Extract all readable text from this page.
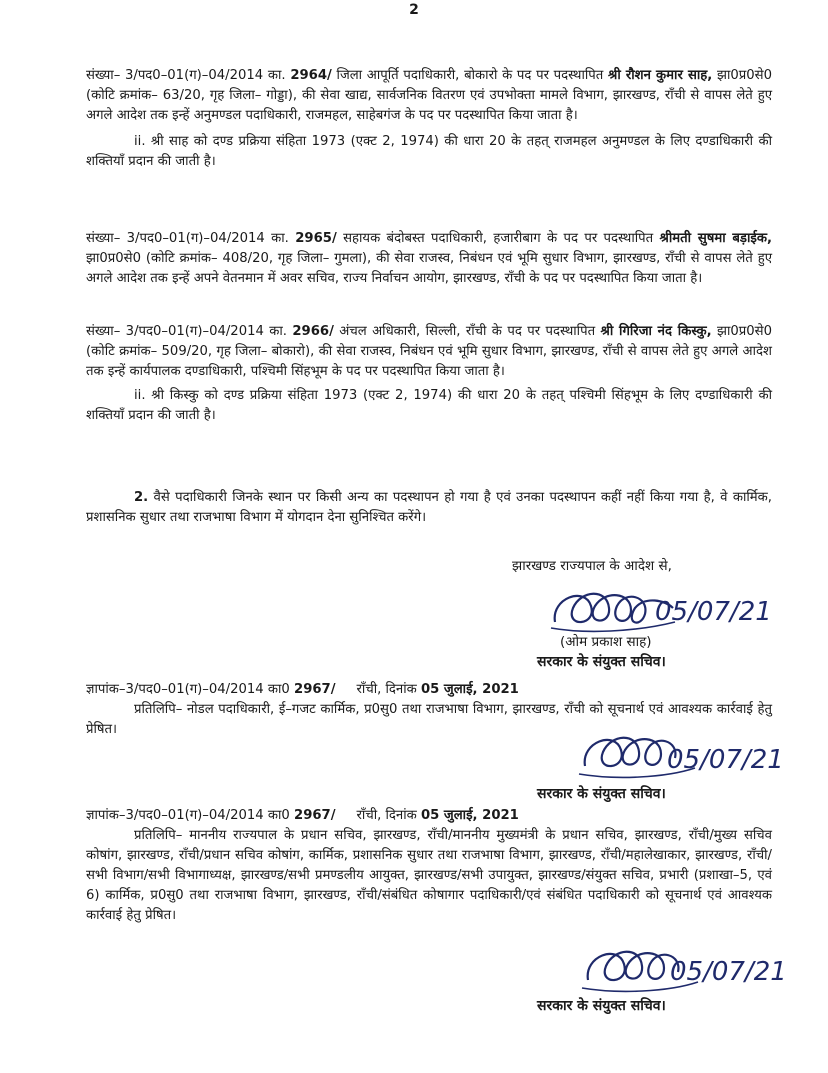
2

संख्या– 3/पद0–01(ग)–04/2014 का. 2964/ जिला आपूर्ति पदाधिकारी, बोकारो के पद पर पदस्थापित श्री रौशन कुमार साह, झा0प्र0से0 (कोटि क्रमांक– 63/20, गृह जिला– गोड्डा), की सेवा खाद्य, सार्वजनिक वितरण एवं उपभोक्ता मामले विभाग, झारखण्ड, राँची से वापस लेते हुए अगले आदेश तक इन्हें अनुमण्डल पदाधिकारी, राजमहल, साहेबगंज के पद पर पदस्थापित किया जाता है।

ii. श्री साह को दण्ड प्रक्रिया संहिता 1973 (एक्ट 2, 1974) की धारा 20 के तहत् राजमहल अनुमण्डल के लिए दण्डाधिकारी की शक्तियाँ प्रदान की जाती है।

संख्या– 3/पद0–01(ग)–04/2014 का. 2965/ सहायक बंदोबस्त पदाधिकारी, हजारीबाग के पद पर पदस्थापित श्रीमती सुषमा बड़ाईक, झा0प्र0से0 (कोटि क्रमांक– 408/20, गृह जिला– गुमला), की सेवा राजस्व, निबंधन एवं भूमि सुधार विभाग, झारखण्ड, राँची से वापस लेते हुए अगले आदेश तक इन्हें अपने वेतनमान में अवर सचिव, राज्य निर्वाचन आयोग, झारखण्ड, राँची के पद पर पदस्थापित किया जाता है।

संख्या– 3/पद0–01(ग)–04/2014 का. 2966/ अंचल अधिकारी, सिल्ली, राँची के पद पर पदस्थापित श्री गिरिजा नंद किस्कु, झा0प्र0से0 (कोटि क्रमांक– 509/20, गृह जिला– बोकारो), की सेवा राजस्व, निबंधन एवं भूमि सुधार विभाग, झारखण्ड, राँची से वापस लेते हुए अगले आदेश तक इन्हें कार्यपालक दण्डाधिकारी, पश्चिमी सिंहभूम के पद पर पदस्थापित किया जाता है।

ii. श्री किस्कु को दण्ड प्रक्रिया संहिता 1973 (एक्ट 2, 1974) की धारा 20 के तहत् पश्चिमी सिंहभूम के लिए दण्डाधिकारी की शक्तियाँ प्रदान की जाती है।

2. वैसे पदाधिकारी जिनके स्थान पर किसी अन्य का पदस्थापन हो गया है एवं उनका पदस्थापन कहीं नहीं किया गया है, वे कार्मिक, प्रशासनिक सुधार तथा राजभाषा विभाग में योगदान देना सुनिश्चित करेंगे।

झारखण्ड राज्यपाल के आदेश से,
05/07/21
(ओम प्रकाश साह)
सरकार के संयुक्त सचिव।

ज्ञापांक–3/पद0–01(ग)–04/2014 का0 2967/ राँची, दिनांक 05 जुलाई, 2021

प्रतिलिपि– नोडल पदाधिकारी, ई–गजट कार्मिक, प्र0सु0 तथा राजभाषा विभाग, झारखण्ड, राँची को सूचनार्थ एवं आवश्यक कार्रवाई हेतु प्रेषित।

05/07/21
सरकार के संयुक्त सचिव।

ज्ञापांक–3/पद0–01(ग)–04/2014 का0 2967/ राँची, दिनांक 05 जुलाई, 2021

प्रतिलिपि– माननीय राज्यपाल के प्रधान सचिव, झारखण्ड, राँची/माननीय मुख्यमंत्री के प्रधान सचिव, झारखण्ड, राँची/मुख्य सचिव कोषांग, झारखण्ड, राँची/प्रधान सचिव कोषांग, कार्मिक, प्रशासनिक सुधार तथा राजभाषा विभाग, झारखण्ड, राँची/महालेखाकार, झारखण्ड, राँची/सभी विभाग/सभी विभागाध्यक्ष, झारखण्ड/सभी प्रमण्डलीय आयुक्त, झारखण्ड/सभी उपायुक्त, झारखण्ड/संयुक्त सचिव, प्रभारी (प्रशाखा–5, एवं 6) कार्मिक, प्र0सु0 तथा राजभाषा विभाग, झारखण्ड, राँची/संबंधित कोषागार पदाधिकारी/एवं संबंधित पदाधिकारी को सूचनार्थ एवं आवश्यक कार्रवाई हेतु प्रेषित।

05/07/21
सरकार के संयुक्त सचिव।
